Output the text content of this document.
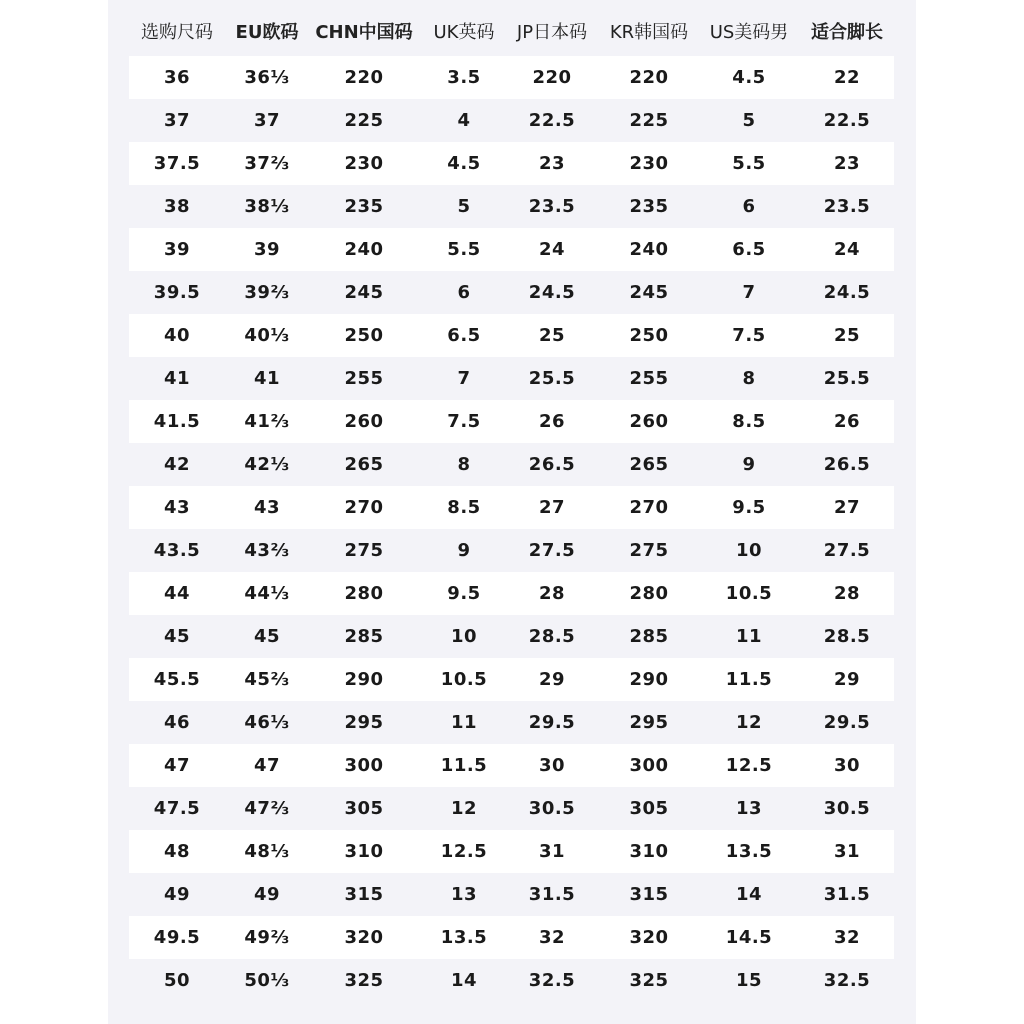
选购尺码 EU欧码 CHN中国码 UK英码 JP日本码 KR韩国码 US美码男 适合脚长
36	36⅓	220	3.5	220	220	4.5	22
37	37	225	4	22.5	225	5	22.5
37.5 37⅔	230	4.5	23	230	5.5	23
38	38⅓	235	5	23.5	235	6	23.5
39	39	240	5.5	24	240	6.5	24
39.5 39⅔	245	6	24.5	245	7	24.5
40	40⅓	250	6.5	25	250	7.5	25
41	41	255	7	25.5	255	8	25.5
41.5 41⅔	260	7.5	26	260	8.5	26
42	42⅓	265	8	26.5	265	9	26.5
43	43	270	8.5	27	270	9.5	27
43.5 43⅔	275	9	27.5	275	10	27.5
44	44⅓	280	9.5	28	280	10.5	28
45	45	285	10	28.5	285	11	28.5
45.5 45⅔	290	10.5	29	290	11.5	29
46	46⅓	295	11	29.5	295	12	29.5
47	47	300	11.5	30	300	12.5	30
47.5 47⅔	305	12	30.5	305	13	30.5
48	48⅓	310	12.5	31	310	13.5	31
49	49	315	13	31.5	315	14	31.5
49.5 49⅔	320	13.5	32	320	14.5	32
50	50⅓	325	14	32.5	325	15	32.5
